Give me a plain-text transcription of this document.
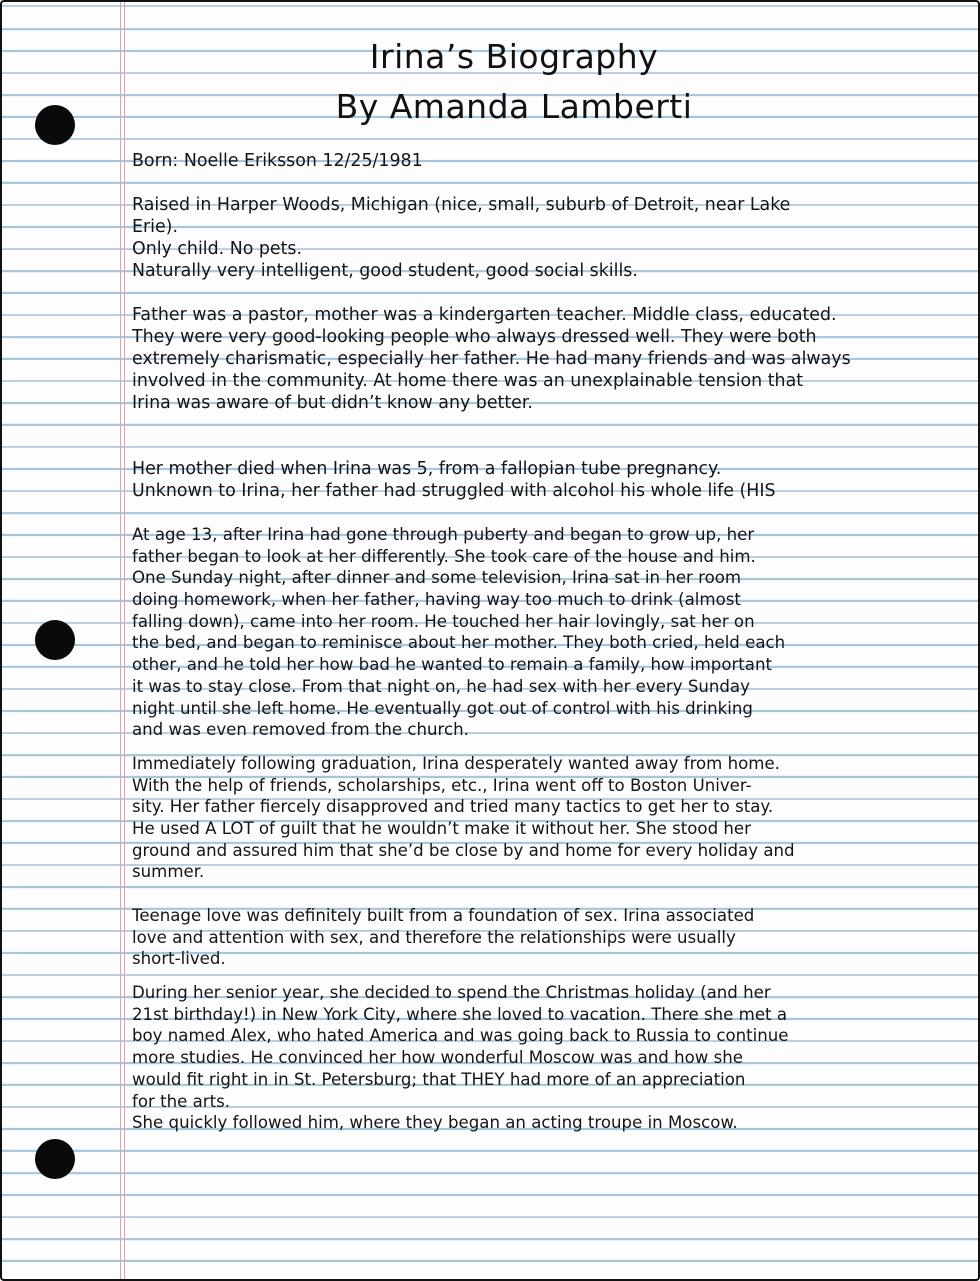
Irina’s Biography
By Amanda Lamberti
Born: Noelle Eriksson 12/25/1981
Raised in Harper Woods, Michigan (nice, small, suburb of Detroit, near Lake
Erie).
Only child. No pets.
Naturally very intelligent, good student, good social skills.
Father was a pastor, mother was a kindergarten teacher. Middle class, educated.
They were very good-looking people who always dressed well. They were both
extremely charismatic, especially her father. He had many friends and was always
involved in the community. At home there was an unexplainable tension that
Irina was aware of but didn’t know any better.
Her mother died when Irina was 5, from a fallopian tube pregnancy.
Unknown to Irina, her father had struggled with alcohol his whole life (HIS
At age 13, after Irina had gone through puberty and began to grow up, her
father began to look at her differently. She took care of the house and him.
One Sunday night, after dinner and some television, Irina sat in her room
doing homework, when her father, having way too much to drink (almost
falling down), came into her room. He touched her hair lovingly, sat her on
the bed, and began to reminisce about her mother. They both cried, held each
other, and he told her how bad he wanted to remain a family, how important
it was to stay close. From that night on, he had sex with her every Sunday
night until she left home. He eventually got out of control with his drinking
and was even removed from the church.
Immediately following graduation, Irina desperately wanted away from home.
With the help of friends, scholarships, etc., Irina went off to Boston Univer-
sity. Her father fiercely disapproved and tried many tactics to get her to stay.
He used A LOT of guilt that he wouldn’t make it without her. She stood her
ground and assured him that she’d be close by and home for every holiday and
summer.
Teenage love was definitely built from a foundation of sex. Irina associated
love and attention with sex, and therefore the relationships were usually
short-lived.
During her senior year, she decided to spend the Christmas holiday (and her
21st birthday!) in New York City, where she loved to vacation. There she met a
boy named Alex, who hated America and was going back to Russia to continue
more studies. He convinced her how wonderful Moscow was and how she
would fit right in in St. Petersburg; that THEY had more of an appreciation
for the arts.
She quickly followed him, where they began an acting troupe in Moscow.
